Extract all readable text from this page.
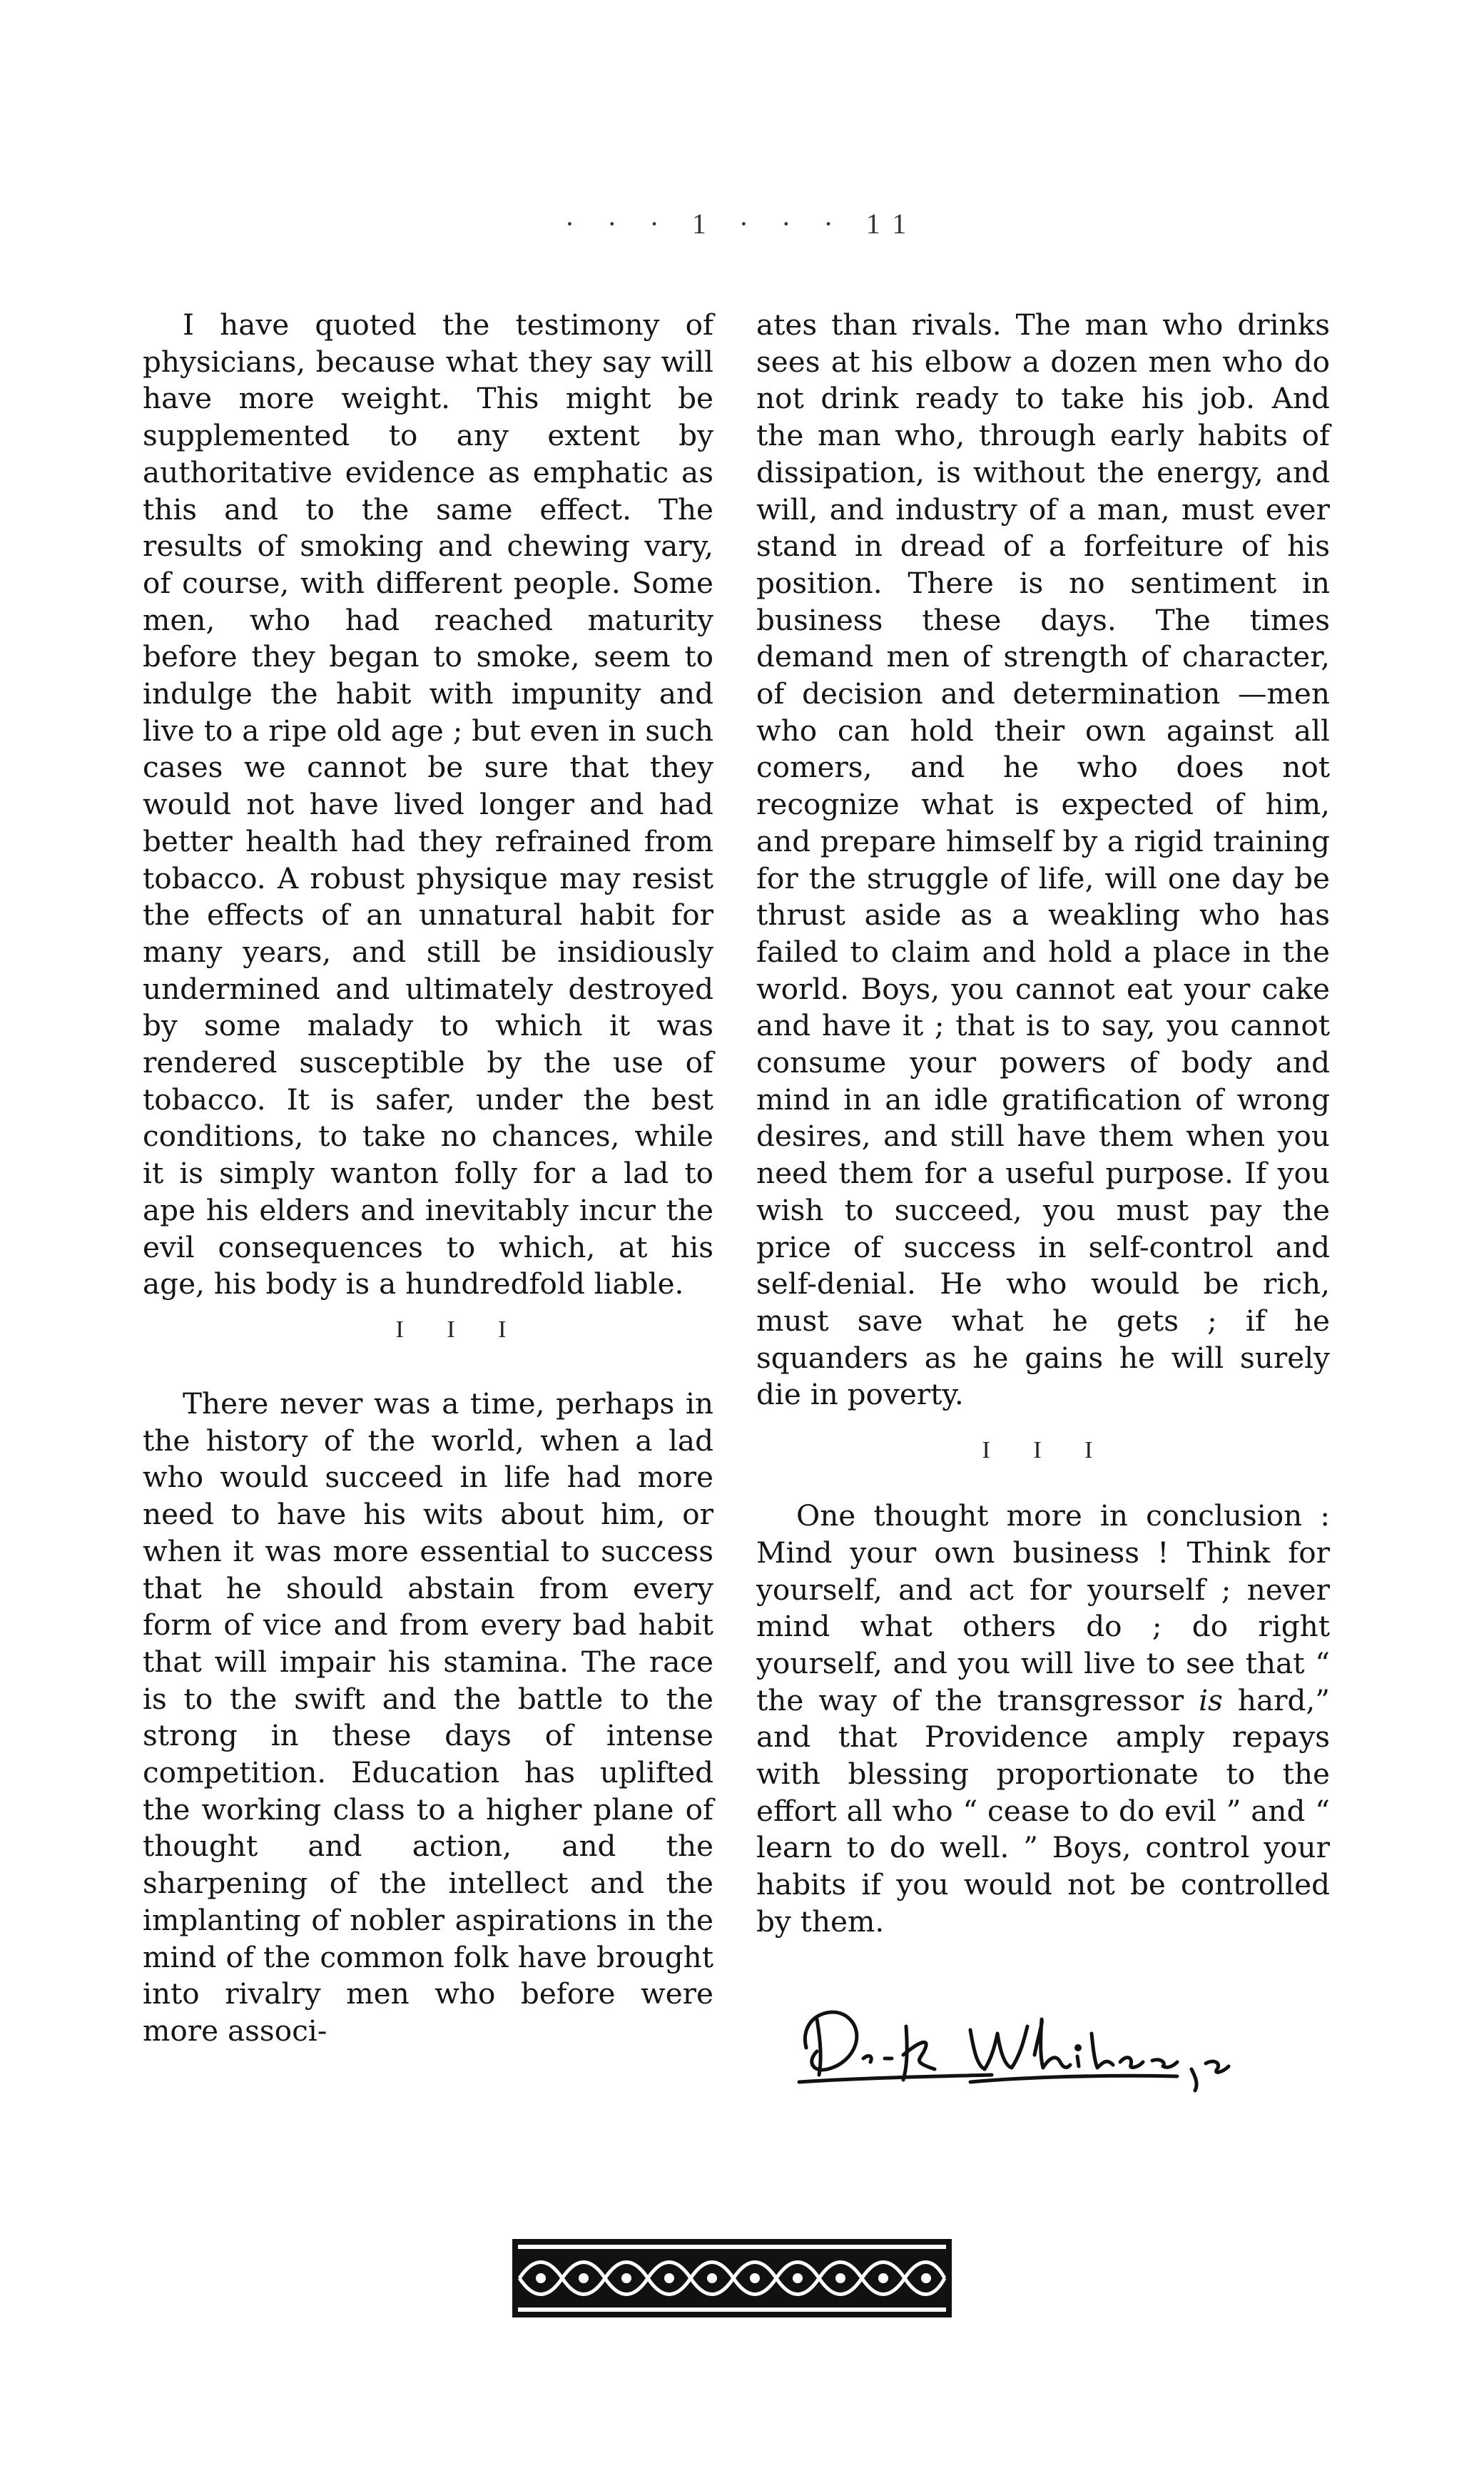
· · · 1 · · · 11

I have quoted the testimony of physicians, because what they say will have more weight. This might be supplemented to any extent by authoritative evidence as emphatic as this and to the same effect. The results of smoking and chewing vary, of course, with different people. Some men, who had reached maturity before they began to smoke, seem to indulge the habit with impunity and live to a ripe old age ; but even in such cases we cannot be sure that they would not have lived longer and had better health had they refrained from tobacco. A robust physique may resist the effects of an unnatural habit for many years, and still be insidiously undermined and ultimately destroyed by some malady to which it was rendered susceptible by the use of tobacco. It is safer, under the best conditions, to take no chances, while it is simply wanton folly for a lad to ape his elders and inevitably incur the evil consequences to which, at his age, his body is a hundredfold liable.

I I I

There never was a time, perhaps in the history of the world, when a lad who would succeed in life had more need to have his wits about him, or when it was more essential to success that he should abstain from every form of vice and from every bad habit that will impair his stamina. The race is to the swift and the battle to the strong in these days of intense competition. Education has uplifted the working class to a higher plane of thought and action, and the sharpening of the intellect and the implanting of nobler aspirations in the mind of the common folk have brought into rivalry men who before were more associ-

ates than rivals. The man who drinks sees at his elbow a dozen men who do not drink ready to take his job. And the man who, through early habits of dissipation, is without the energy, and will, and industry of a man, must ever stand in dread of a forfeiture of his position. There is no sentiment in business these days. The times demand men of strength of character, of decision and determination —men who can hold their own against all comers, and he who does not recognize what is expected of him, and prepare himself by a rigid training for the struggle of life, will one day be thrust aside as a weakling who has failed to claim and hold a place in the world. Boys, you cannot eat your cake and have it ; that is to say, you cannot consume your powers of body and mind in an idle gratification of wrong desires, and still have them when you need them for a useful purpose. If you wish to succeed, you must pay the price of success in self-control and self-denial. He who would be rich, must save what he gets ; if he squanders as he gains he will surely die in poverty.

I I I

One thought more in conclusion : Mind your own business ! Think for yourself, and act for yourself ; never mind what others do ; do right yourself, and you will live to see that “ the way of the transgressor is hard,” and that Providence amply repays with blessing proportionate to the effort all who “ cease to do evil ” and “ learn to do well. ” Boys, control your habits if you would not be controlled by them.
